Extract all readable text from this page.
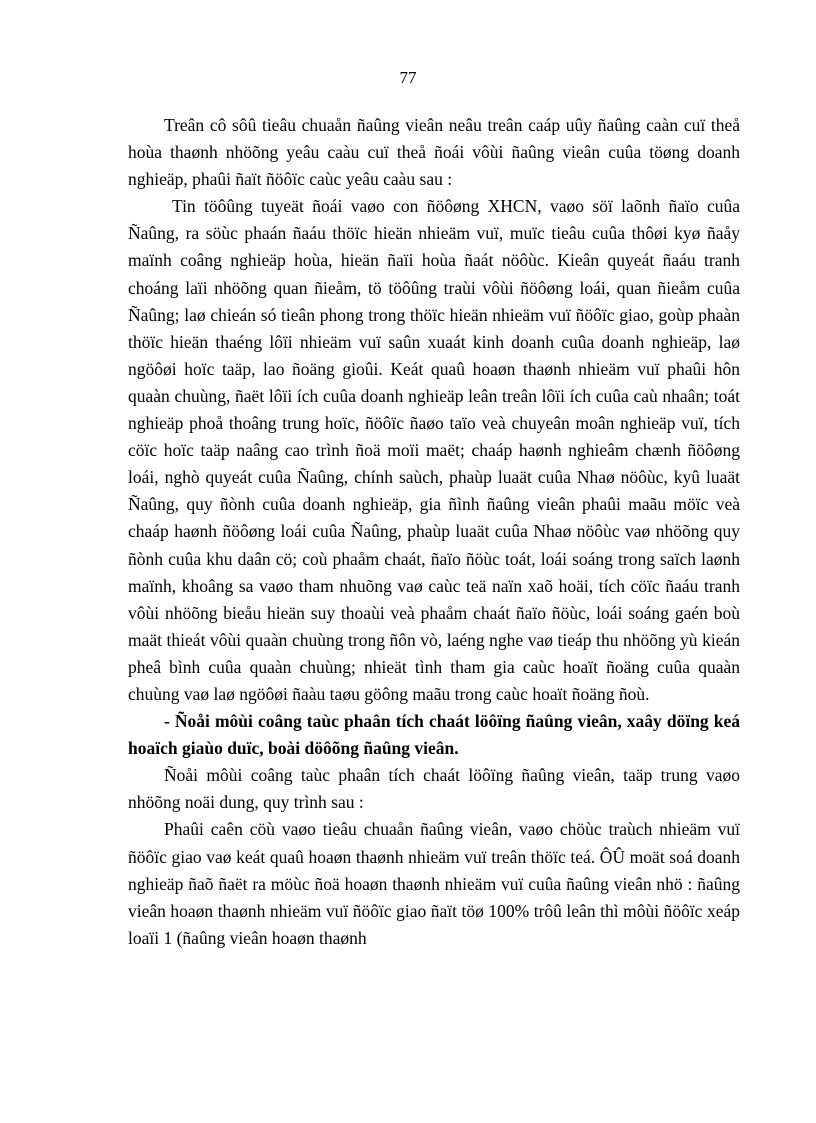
77

Treân cô sôû tieâu chuaån ñaûng vieân neâu treân caáp uûy ñaûng caàn cuï theå hoùa thaønh nhöõng yeâu caàu cuï theå ñoái vôùi ñaûng vieân cuûa töøng doanh nghieäp, phaûi ñaït ñöôïc caùc yeâu caàu sau :

Tin töôûng tuyeät ñoái vaøo con ñöôøng XHCN, vaøo söï laõnh ñaïo cuûa Ñaûng, ra söùc phaán ñaáu thöïc hieän nhieäm vuï, muïc tieâu cuûa thôøi kyø ñaåy maïnh coâng nghieäp hoùa, hieän ñaïi hoùa ñaát nöôùc. Kieân quyeát ñaáu tranh choáng laïi nhöõng quan ñieåm, tö töôûng traùi vôùi ñöôøng loái, quan ñieåm cuûa Ñaûng; laø chieán só tieân phong trong thöïc hieän nhieäm vuï ñöôïc giao, goùp phaàn thöïc hieän thaéng lôïi nhieäm vuï saûn xuaát kinh doanh cuûa doanh nghieäp, laø ngöôøi hoïc taäp, lao ñoäng gioûi. Keát quaû hoaøn thaønh nhieäm vuï phaûi hôn quaàn chuùng, ñaët lôïi ích cuûa doanh nghieäp leân treân lôïi ích cuûa caù nhaân; toát nghieäp phoå thoâng trung hoïc, ñöôïc ñaøo taïo veà chuyeân moân nghieäp vuï, tích cöïc hoïc taäp naâng cao trình ñoä moïi maët; chaáp haønh nghieâm chænh ñöôøng loái, nghò quyeát cuûa Ñaûng, chính saùch, phaùp luaät cuûa Nhaø nöôùc, kyû luaät Ñaûng, quy ñònh cuûa doanh nghieäp, gia ñình ñaûng vieân phaûi maãu möïc veà chaáp haønh ñöôøng loái cuûa Ñaûng, phaùp luaät cuûa Nhaø nöôùc vaø nhöõng quy ñònh cuûa khu daân cö; coù phaåm chaát, ñaïo ñöùc toát, loái soáng trong saïch laønh maïnh, khoâng sa vaøo tham nhuõng vaø caùc teä naïn xaõ hoäi, tích cöïc ñaáu tranh vôùi nhöõng bieåu hieän suy thoaùi veà phaåm chaát ñaïo ñöùc, loái soáng gaén boù maät thieát vôùi quaàn chuùng trong ñôn vò, laéng nghe vaø tieáp thu nhöõng yù kieán pheâ bình cuûa quaàn chuùng; nhieät tình tham gia caùc hoaït ñoäng cuûa quaàn chuùng vaø laø ngöôøi ñaàu taøu göông maãu trong caùc hoaït ñoäng ñoù.

- Ñoåi môùi coâng taùc phaân tích chaát löôïng ñaûng vieân, xaây döïng keá hoaïch giaùo duïc, boài döôõng ñaûng vieân.

Ñoåi môùi coâng taùc phaân tích chaát löôïng ñaûng vieân, taäp trung vaøo nhöõng noäi dung, quy trình sau :

Phaûi caên cöù vaøo tieâu chuaån ñaûng vieân, vaøo chöùc traùch nhieäm vuï ñöôïc giao vaø keát quaû hoaøn thaønh nhieäm vuï treân thöïc teá. ÔÛ moät soá doanh nghieäp ñaõ ñaët ra möùc ñoä hoaøn thaønh nhieäm vuï cuûa ñaûng vieân nhö : ñaûng vieân hoaøn thaønh nhieäm vuï ñöôïc giao ñaït töø 100% trôû leân thì môùi ñöôïc xeáp loaïi 1 (ñaûng vieân hoaøn thaønh
